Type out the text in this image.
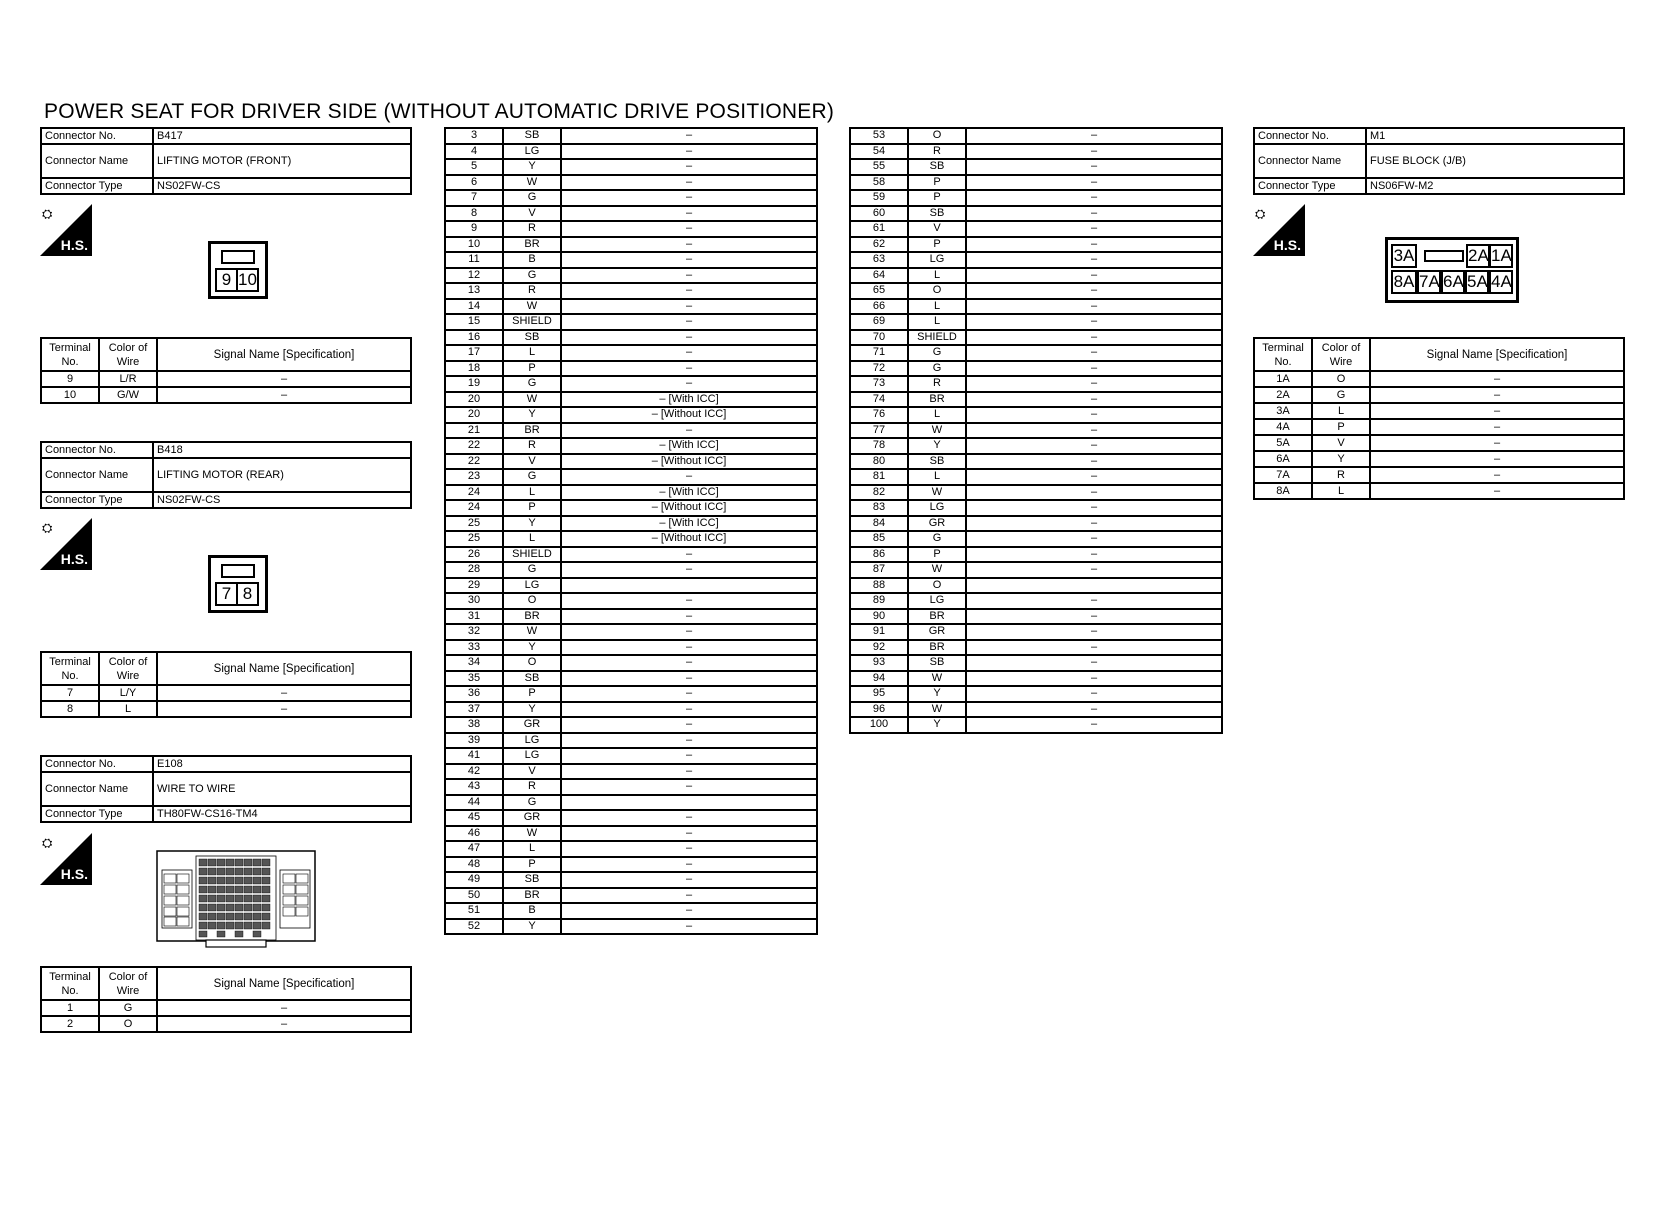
POWER SEAT FOR DRIVER SIDE (WITHOUT AUTOMATIC DRIVE POSITIONER)
Connector No.	B417
Connector Name	LIFTING MOTOR (FRONT)
Connector Type	NS02FW-CS
⛭
H.S.
9 10
Terminal No.	Color of Wire	Signal Name [Specification]
9	L/R	–
10	G/W	–
Connector No.	B418
Connector Name	LIFTING MOTOR (REAR)
Connector Type	NS02FW-CS
⛭
H.S.
7 8
Terminal No.	Color of Wire	Signal Name [Specification]
7	L/Y	–
8	L	–
Connector No.	E108
Connector Name	WIRE TO WIRE
Connector Type	TH80FW-CS16-TM4
⛭
H.S.
Terminal No.	Color of Wire	Signal Name [Specification]
1	G	–
2	O	–
3	SB	–
4	LG	–
5	Y	–
6	W	–
7	G	–
8	V	–
9	R	–
10	BR	–
11	B	–
12	G	–
13	R	–
14	W	–
15	SHIELD	–
16	SB	–
17	L	–
18	P	–
19	G	–
20	W	– [With ICC]
20	Y	– [Without ICC]
21	BR	–
22	R	– [With ICC]
22	V	– [Without ICC]
23	G	–
24	L	– [With ICC]
24	P	– [Without ICC]
25	Y	– [With ICC]
25	L	– [Without ICC]
26	SHIELD	–
28	G	–
29	LG	
30	O	–
31	BR	–
32	W	–
33	Y	–
34	O	–
35	SB	–
36	P	–
37	Y	–
38	GR	–
39	LG	–
41	LG	–
42	V	–
43	R	–
44	G	
45	GR	–
46	W	–
47	L	–
48	P	–
49	SB	–
50	BR	–
51	B	–
52	Y	–
53	O	–
54	R	–
55	SB	–
58	P	–
59	P	–
60	SB	–
61	V	–
62	P	–
63	LG	–
64	L	–
65	O	–
66	L	–
69	L	–
70	SHIELD	–
71	G	–
72	G	–
73	R	–
74	BR	–
76	L	–
77	W	–
78	Y	–
80	SB	–
81	L	–
82	W	–
83	LG	–
84	GR	–
85	G	–
86	P	–
87	W	–
88	O	
89	LG	–
90	BR	–
91	GR	–
92	BR	–
93	SB	–
94	W	–
95	Y	–
96	W	–
100	Y	–
Connector No.	M1
Connector Name	FUSE BLOCK (J/B)
Connector Type	NS06FW-M2
⛭
H.S.
3A	2A 1A
8A 7A 6A 5A 4A
Terminal No.	Color of Wire	Signal Name [Specification]
1A	O	–
2A	G	–
3A	L	–
4A	P	–
5A	V	–
6A	Y	–
7A	R	–
8A	L	–
